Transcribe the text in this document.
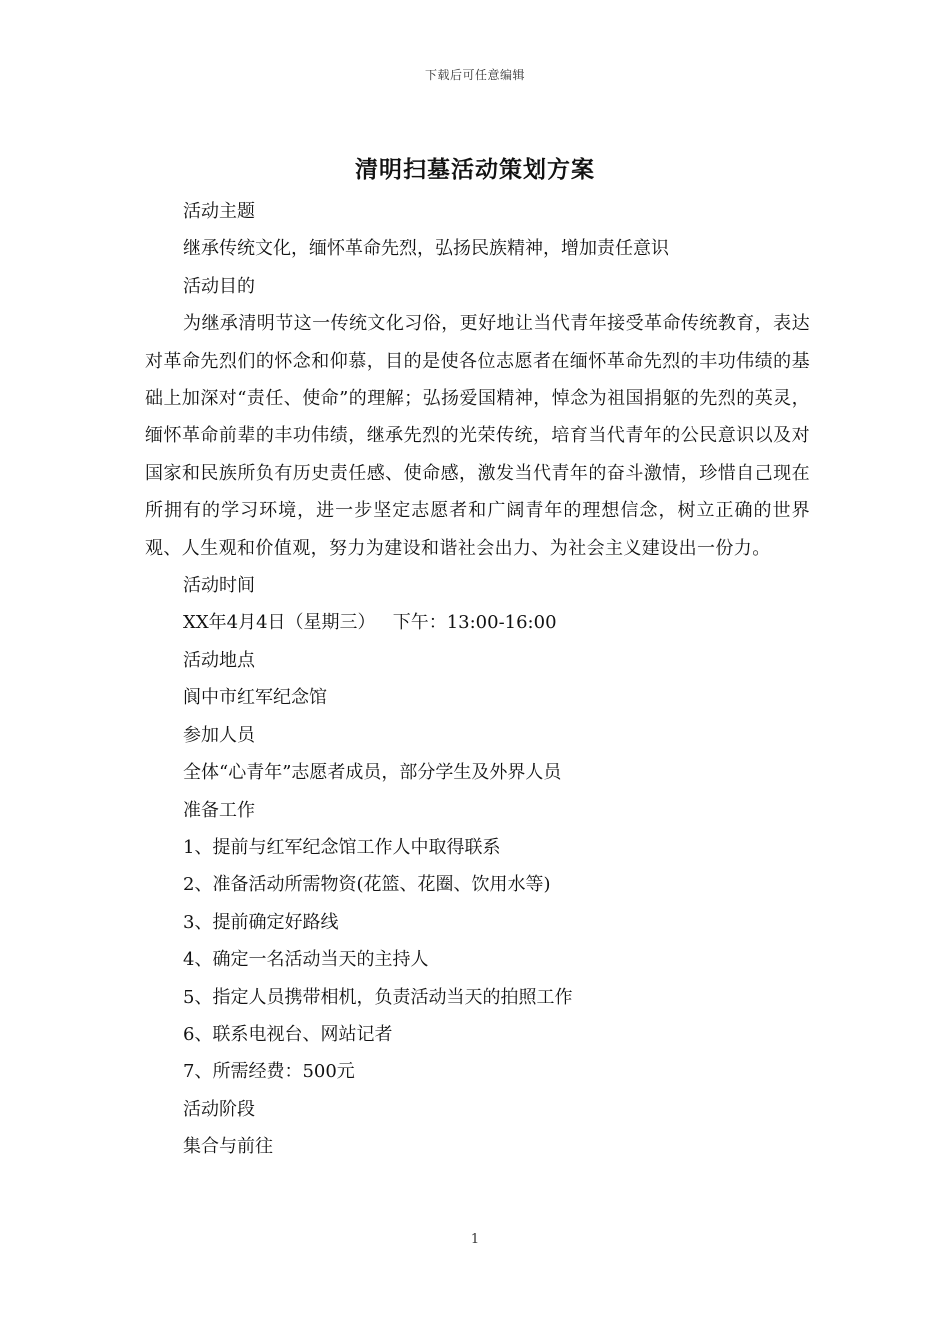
下载后可任意编辑
清明扫墓活动策划方案

活动主题

继承传统文化，缅怀革命先烈，弘扬民族精神，增加责任意识

活动目的

为继承清明节这一传统文化习俗，更好地让当代青年接受革命传统教育，表达对革命先烈们的怀念和仰慕，目的是使各位志愿者在缅怀革命先烈的丰功伟绩的基础上加深对“责任、使命”的理解；弘扬爱国精神，悼念为祖国捐躯的先烈的英灵，缅怀革命前辈的丰功伟绩，继承先烈的光荣传统，培育当代青年的公民意识以及对国家和民族所负有历史责任感、使命感，激发当代青年的奋斗激情，珍惜自己现在所拥有的学习环境，进一步坚定志愿者和广阔青年的理想信念，树立正确的世界观、人生观和价值观，努力为建设和谐社会出力、为社会主义建设出一份力。

活动时间

XX年4月4日（星期三）   下午：13:00-16:00

活动地点

阆中市红军纪念馆

参加人员

全体“心青年”志愿者成员，部分学生及外界人员

准备工作

1、提前与红军纪念馆工作人中取得联系

2、准备活动所需物资(花篮、花圈、饮用水等)

3、提前确定好路线

4、确定一名活动当天的主持人

5、指定人员携带相机，负责活动当天的拍照工作

6、联系电视台、网站记者

7、所需经费：500元

活动阶段

集合与前往

1
